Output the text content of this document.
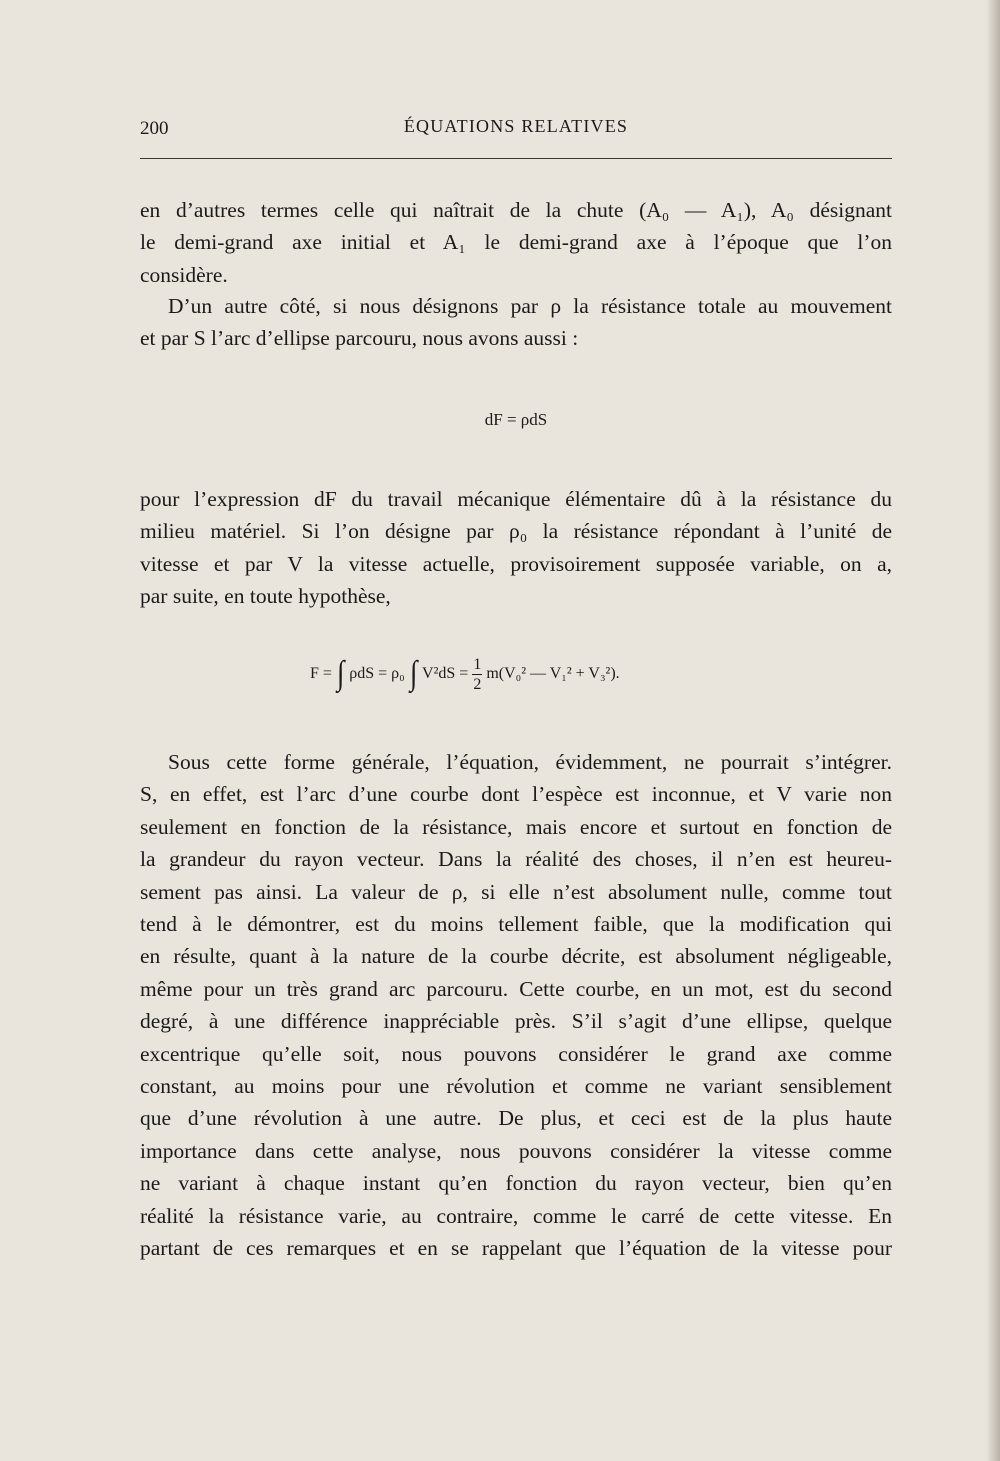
200	ÉQUATIONS RELATIVES
en d’autres termes celle qui naîtrait de la chute (A₀ — A₁), A₀ désignant
le demi-grand axe initial et A₁ le demi-grand axe à l’époque que l’on
considère.
D’un autre côté, si nous désignons par ρ la résistance totale au mouvement
et par S l’arc d’ellipse parcouru, nous avons aussi :
dF = ρdS
pour l’expression dF du travail mécanique élémentaire dû à la résistance du
milieu matériel. Si l’on désigne par ρ₀ la résistance répondant à l’unité de
vitesse et par V la vitesse actuelle, provisoirement supposée variable, on a,
par suite, en toute hypothèse,
F = ∫ ρdS = ρ₀ ∫ $V^2dS = \frac{1}{2} m(V_0^2$ — V₁² + V₃²).
Sous cette forme générale, l’équation, évidemment, ne pourrait s’intégrer.
S, en effet, est l’arc d’une courbe dont l’espèce est inconnue, et V varie non
seulement en fonction de la résistance, mais encore et surtout en fonction de
la grandeur du rayon vecteur. Dans la réalité des choses, il n’en est heureu-
sement pas ainsi. La valeur de ρ, si elle n’est absolument nulle, comme tout
tend à le démontrer, est du moins tellement faible, que la modification qui
en résulte, quant à la nature de la courbe décrite, est absolument négligeable,
même pour un très grand arc parcouru. Cette courbe, en un mot, est du second
degré, à une différence inappréciable près. S’il s’agit d’une ellipse, quelque
excentrique qu’elle soit, nous pouvons considérer le grand axe comme
constant, au moins pour une révolution et comme ne variant sensiblement
que d’une révolution à une autre. De plus, et ceci est de la plus haute
importance dans cette analyse, nous pouvons considérer la vitesse comme
ne variant à chaque instant qu’en fonction du rayon vecteur, bien qu’en
réalité la résistance varie, au contraire, comme le carré de cette vitesse. En
partant de ces remarques et en se rappelant que l’équation de la vitesse pour
